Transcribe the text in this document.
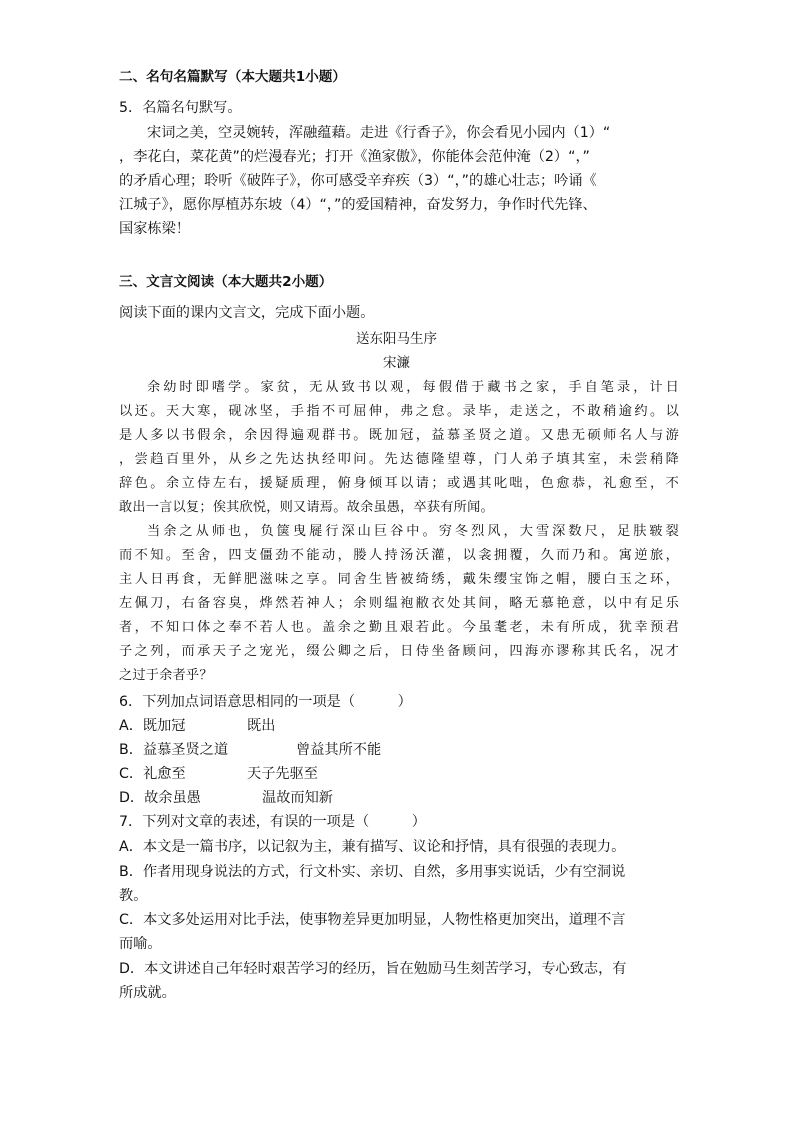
二、名句名篇默写（本大题共1小题）
5．名篇名句默写。
宋词之美，空灵婉转，浑融蕴藉。走进《行香子》，你会看见小园内（1）“
，李花白，菜花黄”的烂漫春光；打开《渔家傲》，你能体会范仲淹（2）“，”
的矛盾心理；聆听《破阵子》，你可感受辛弃疾（3）“，”的雄心壮志；吟诵《
江城子》，愿你厚植苏东坡（4）“，”的爱国精神，奋发努力，争作时代先锋、
国家栋梁！
三、文言文阅读（本大题共2小题）
阅读下面的课内文言文，完成下面小题。
送东阳马生序
宋濂
余幼时即嗜学。家贫，无从致书以观，每假借于藏书之家，手自笔录，计日
以还。天大寒，砚冰坚，手指不可屈伸，弗之怠。录毕，走送之，不敢稍逾约。以
是人多以书假余，余因得遍观群书。既加冠，益慕圣贤之道。又患无硕师名人与游
，尝趋百里外，从乡之先达执经叩问。先达德隆望尊，门人弟子填其室，未尝稍降
辞色。余立侍左右，援疑质理，俯身倾耳以请；或遇其叱咄，色愈恭，礼愈至，不
敢出一言以复；俟其欣悦，则又请焉。故余虽愚，卒获有所闻。
当余之从师也，负箧曳屣行深山巨谷中。穷冬烈风，大雪深数尺，足肤皲裂
而不知。至舍，四支僵劲不能动，媵人持汤沃灌，以衾拥覆，久而乃和。寓逆旅，
主人日再食，无鲜肥滋味之享。同舍生皆被绮绣，戴朱缨宝饰之帽，腰白玉之环，
左佩刀，右备容臭，烨然若神人；余则缊袍敝衣处其间，略无慕艳意，以中有足乐
者，不知口体之奉不若人也。盖余之勤且艰若此。今虽耄老，未有所成，犹幸预君
子之列，而承天子之宠光，缀公卿之后，日侍坐备顾问，四海亦谬称其氏名，况才
之过于余者乎？
6．下列加点词语意思相同的一项是（　　　）
A．既加冠	既出
B．益慕圣贤之道	曾益其所不能
C．礼愈至	天子先驱至
D．故余虽愚	温故而知新
7．下列对文章的表述，有误的一项是（　　　）
A．本文是一篇书序，以记叙为主，兼有描写、议论和抒情，具有很强的表现力。
B．作者用现身说法的方式，行文朴实、亲切、自然，多用事实说话，少有空洞说
教。
C．本文多处运用对比手法，使事物差异更加明显，人物性格更加突出，道理不言
而喻。
D．本文讲述自己年轻时艰苦学习的经历，旨在勉励马生刻苦学习，专心致志，有
所成就。
